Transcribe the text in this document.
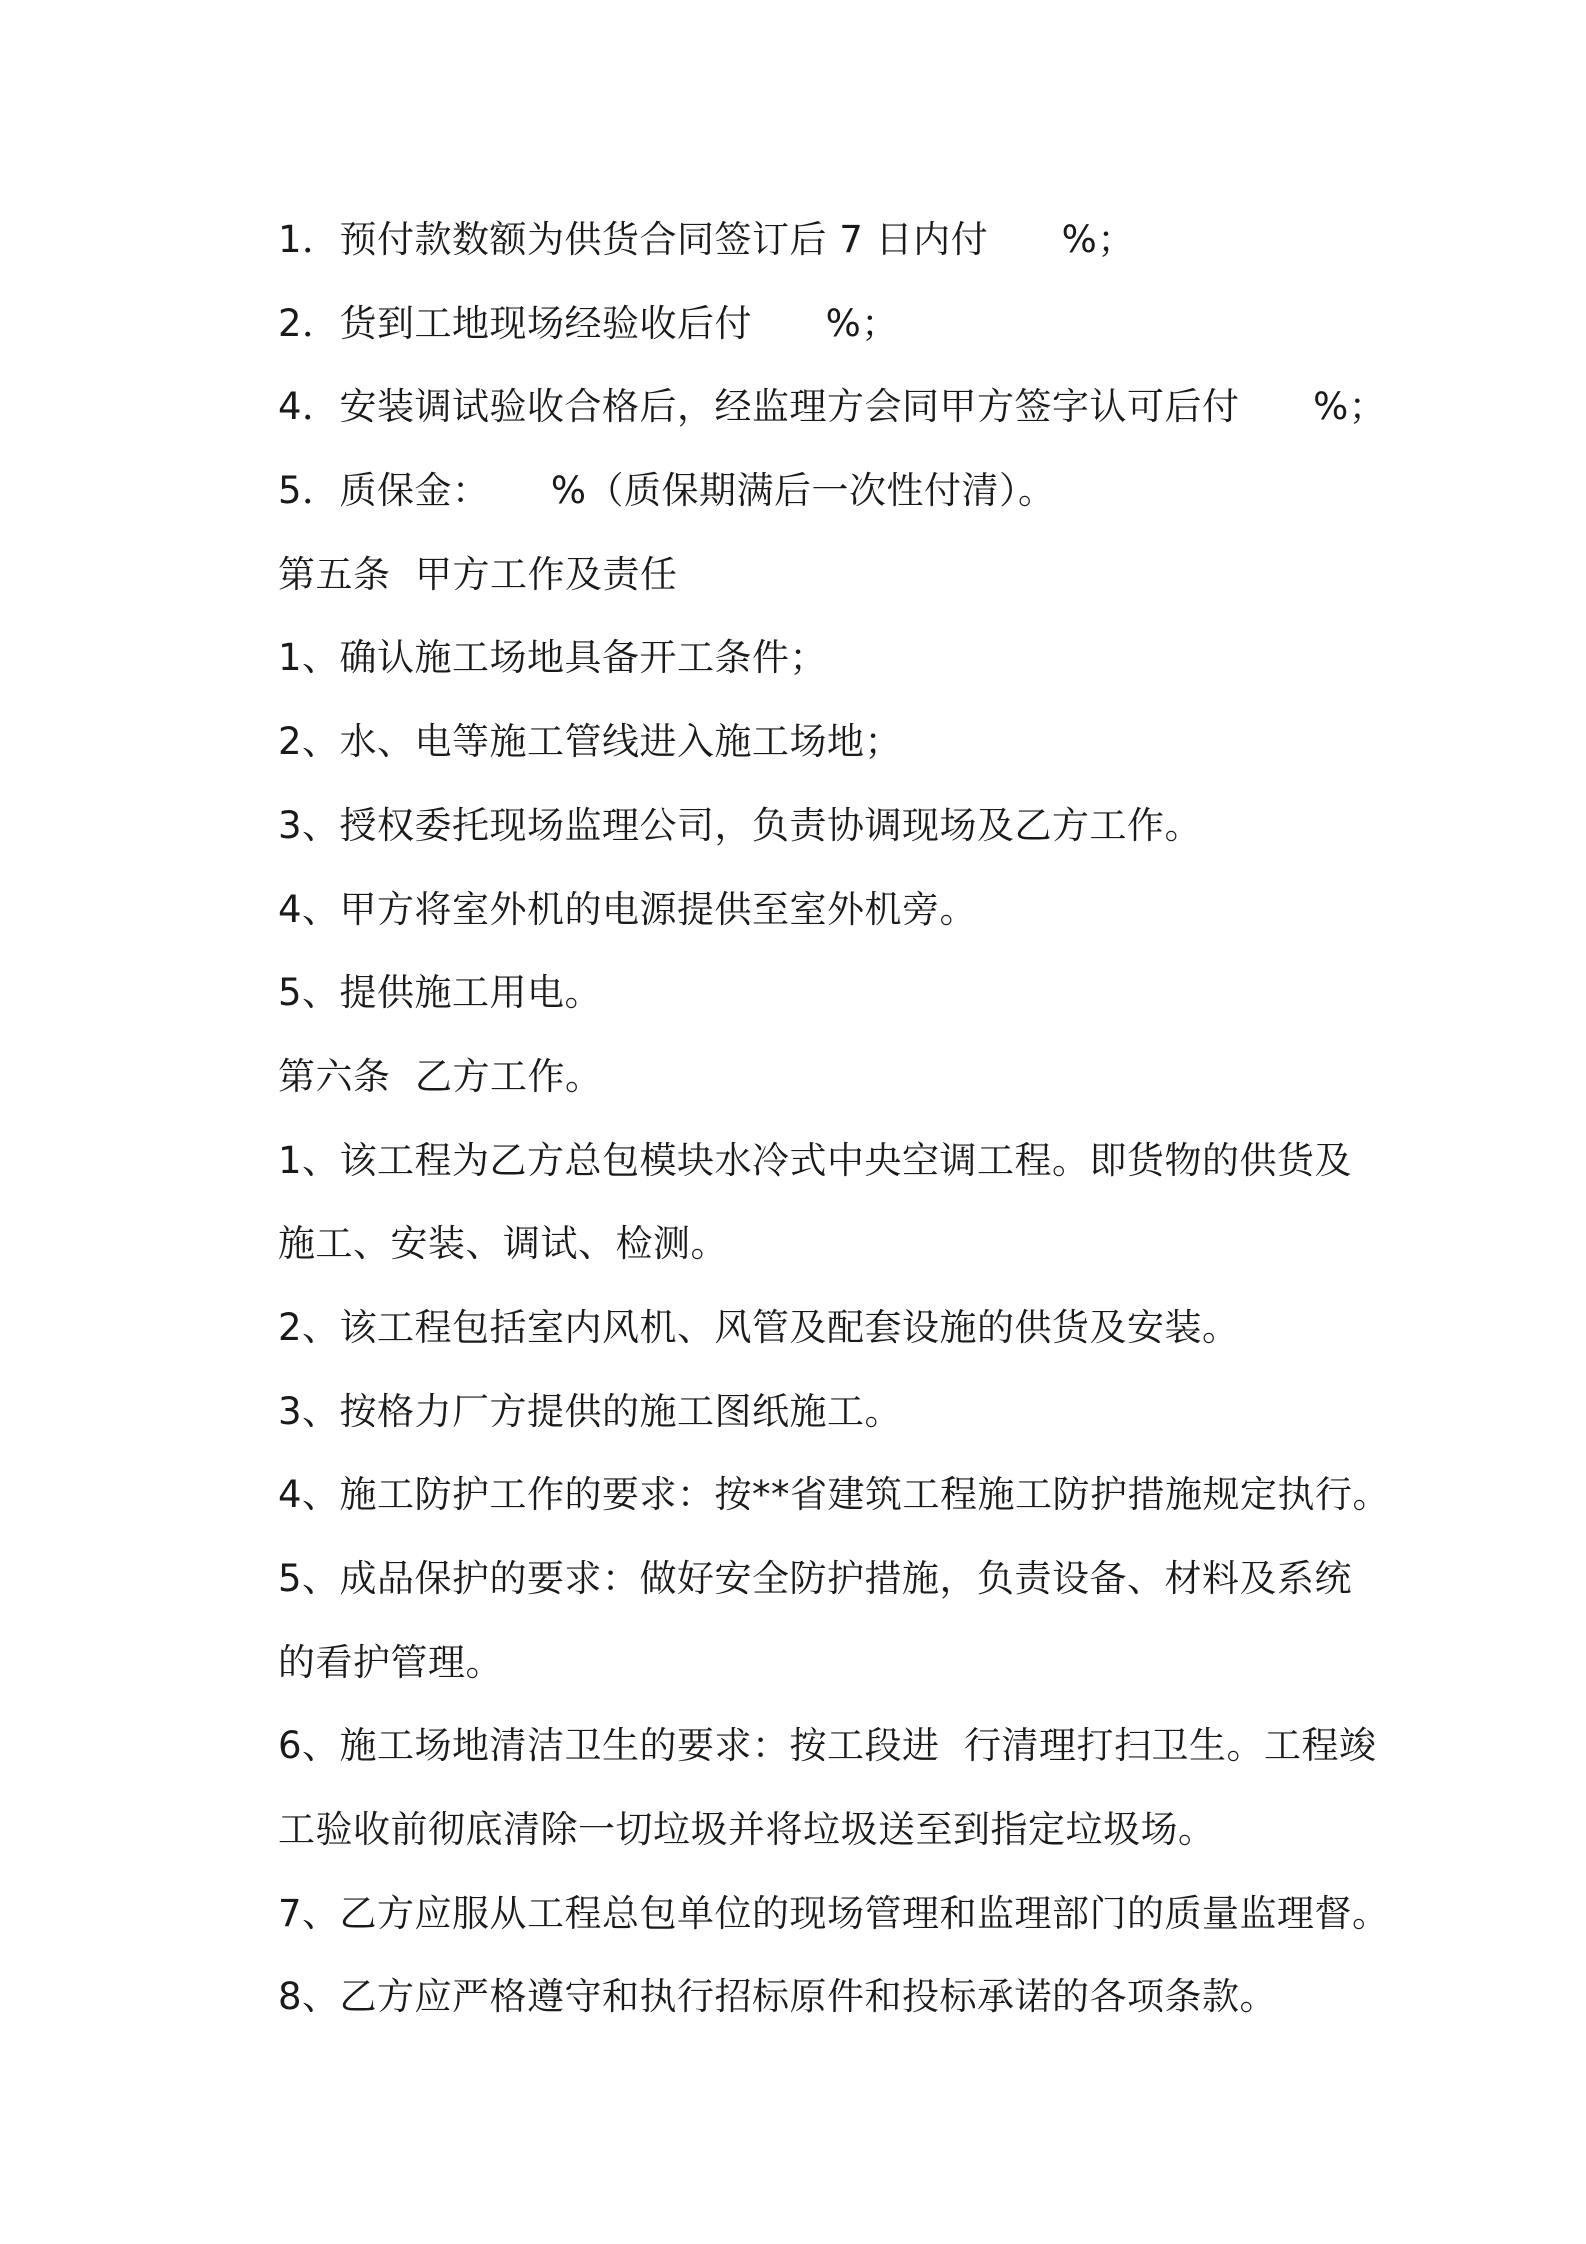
1．预付款数额为供货合同签订后 7 日内付      %；
2．货到工地现场经验收后付      %；
4．安装调试验收合格后，经监理方会同甲方签字认可后付      %；
5．质保金：     %（质保期满后一次性付清）。
第五条  甲方工作及责任
1、确认施工场地具备开工条件；
2、水、电等施工管线进入施工场地；
3、授权委托现场监理公司，负责协调现场及乙方工作。
4、甲方将室外机的电源提供至室外机旁。
5、提供施工用电。
第六条  乙方工作。
1、该工程为乙方总包模块水冷式中央空调工程。即货物的供货及
施工、安装、调试、检测。
2、该工程包括室内风机、风管及配套设施的供货及安装。
3、按格力厂方提供的施工图纸施工。
4、施工防护工作的要求：按**省建筑工程施工防护措施规定执行。
5、成品保护的要求：做好安全防护措施，负责设备、材料及系统
的看护管理。
6、施工场地清洁卫生的要求：按工段进  行清理打扫卫生。工程竣
工验收前彻底清除一切垃圾并将垃圾送至到指定垃圾场。
7、乙方应服从工程总包单位的现场管理和监理部门的质量监理督。
8、乙方应严格遵守和执行招标原件和投标承诺的各项条款。
